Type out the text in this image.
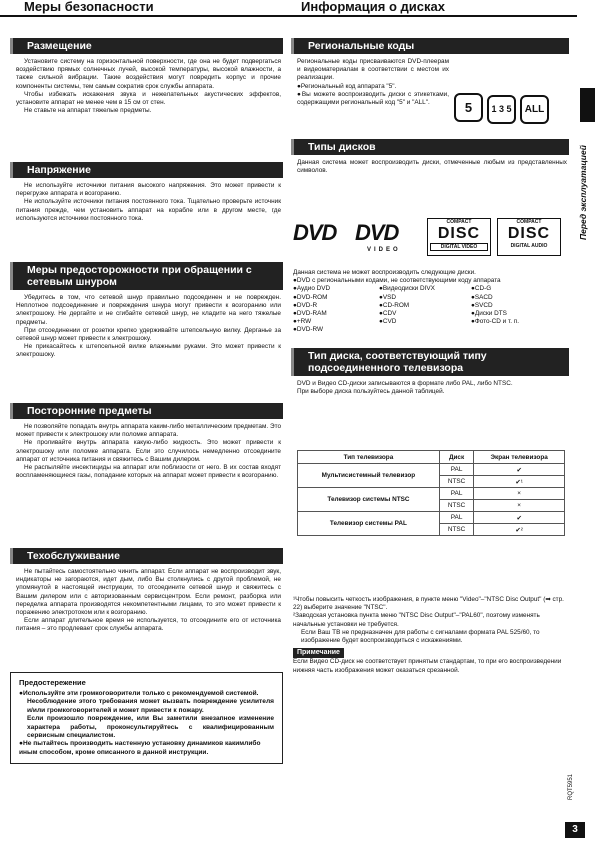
Меры безопасности	Информация о дисках
Размещение

Установите систему на горизонтальной поверхности, где она не будет подвергаться воздействию прямых солнечных лучей, высокой температуры, высокой влажности, а также сильной вибрации. Такие воздействия могут повредить корпус и прочие компоненты системы, тем самым сократив срок службы аппарата.

Чтобы избежать искажения звука и нежелательных акустических эффектов, установите аппарат не менее чем в 15 см от стен.

Не ставьте на аппарат тяжелые предметы.

Напряжение

Не используйте источники питания высокого напряжения. Это может привести к перегрузке аппарата и возгоранию.

Не используйте источники питания постоянного тока. Тщательно проверьте источник питания прежде, чем установить аппарат на корабле или в другом месте, где используются источники постоянного тока.

Меры предосторожности при обращении с сетевым шнуром

Убедитесь в том, что сетевой шнур правильно подсоединен и не поврежден. Неплотное подсоединение и повреждения шнура могут привести к возгоранию или электрошоку. Не дергайте и не сгибайте сетевой шнур, не кладите на него тяжелые предметы.

При отсоединении от розетки крепко удерживайте штепсельную вилку. Дерганье за сетевой шнур может привести к электрошоку.

Не прикасайтесь к штепсельной вилке влажными руками. Это может привести к электрошоку.

Посторонние предметы

Не позволяйте попадать внутрь аппарата каким-либо металлическим предметам. Это может привести к электрошоку или поломке аппарата.

Не проливайте внутрь аппарата какую-либо жидкость. Это может привести к электрошоку или поломке аппарата. Если это случилось немедленно отсоедините аппарат от источника питания и свяжитесь с Вашим дилером.

Не распыляйте инсектициды на аппарат или поблизости от него. В их состав входят воспламеняющиеся газы, попадание которых на аппарат может привести к возгоранию.

Техобслуживание

Не пытайтесь самостоятельно чинить аппарат. Если аппарат не воспроизводит звук, индикаторы не загораются, идет дым, либо Вы столкнулись с другой проблемой, не упомянутой в настоящей инструкции, то отсоедините сетевой шнур и свяжитесь с Вашим дилером или с авторизованным сервисцентром. Если ремонт, разборка или переделка аппарата производятся некомпетентными лицами, то это может привести к поражению электротоком или к возгоранию.

Если аппарат длительное время не используется, то отсоедините его от источника питания – это продлевает срок службы аппарата.

Предостережение

●Используйте эти громкоговорители только с рекомендуемой системой.

Несоблюдение этого требования может вызвать повреждение усилителя и/или громкоговорителей и может привести к пожару.

Если произошло повреждение, или Вы заметили внезапное изменение характера работы, проконсультируйтесь с квалифицированным сервисным специалистом.

●Не пытайтесь производить настенную установку динамиков какимлибо иным способом, кроме описанного в данной инструкции.

Региональные коды

Региональные коды присваиваются DVD-плеерам и видеоматериалам в соответствии с местом их реализации.

●Региональный код аппарата "5".

●Вы можете воспроизводить диски с этикетками, содержащими региональный код "5" и "ALL".

Типы дисков

Данная система может воспроизводить диски, отмеченные любым из представленных символов.

DVD DVD
VIDEO
COMPACT
DISC
DIGITAL VIDEO
COMPACT
DISC
DIGITAL AUDIO
Данная система не может воспроизводить следующие диски.
●DVD с региональными кодами, не соответствующими коду аппарата
●Аудио DVD	●Видеодиски DIVX	●CD-G
●DVD-ROM	●VSD	●SACD
●DVD-R	●CD-ROM	●SVCD
●DVD-RAM	●CDV	●Диски DTS
●+RW	●CVD	●Фото-CD и т. п.
●DVD-RW
Тип диска, соответствующий типу подсоединенного телевизора

DVD и Видео CD-диски записываются в формате либо PAL, либо NTSC.

При выборе диска пользуйтесь данной таблицей.

Тип телевизора	Диск	Экран телевизора
Мультисистемный телевизор	PAL	✔
	NTSC	✔¹
Телевизор системы NTSC	PAL	×
	NTSC	×
Телевизор системы PAL	PAL	✔
	NTSC	✔²

¹Чтобы повысить четкость изображения, в пункте меню "Video"–"NTSC Disc Output" (➡ стр. 22) выберите значение "NTSC".

²Заводская установка пункта меню "NTSC Disc Output"–"PAL60", поэтому изменять начальные установки не требуется.

Если Ваш ТВ не предназначен для работы с сигналами формата PAL 525/60, то изображение будет воспроизводиться с искажениями.

Примечание

Если Видео CD-диск не соответствует принятым стандартам, то при его воспроизведении нижняя часть изображения может оказаться срезанной.

5 1 3 5 ALL
Перед эксплуатацией
RQT5951
3
